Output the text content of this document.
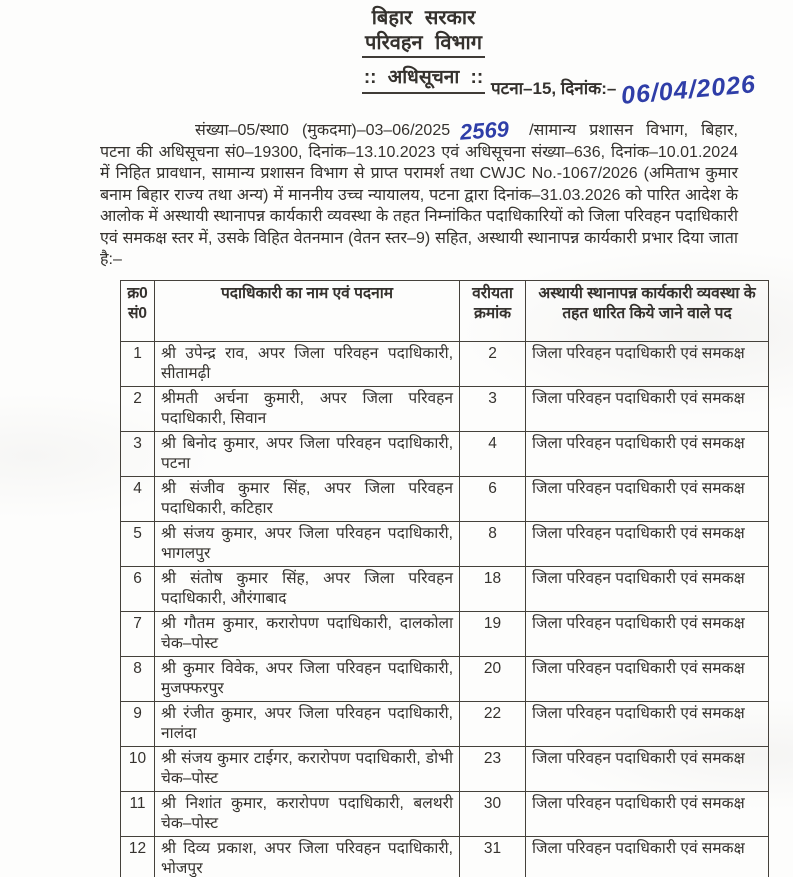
बिहार सरकार
परिवहन विभाग
:: अधिसूचना ::
पटना–15, दिनांक:– 06/04/2026

संख्या–05/स्था0 (मुकदमा)–03–06/2025 2569 /सामान्य प्रशासन विभाग, बिहार, पटना की अधिसूचना सं0–19300, दिनांक–13.10.2023 एवं अधिसूचना संख्या–636, दिनांक–10.01.2024 में निहित प्रावधान, सामान्य प्रशासन विभाग से प्राप्त परामर्श तथा CWJC No.-1067/2026 (अमिताभ कुमार बनाम बिहार राज्य तथा अन्य) में माननीय उच्च न्यायालय, पटना द्वारा दिनांक–31.03.2026 को पारित आदेश के आलोक में अस्थायी स्थानापन्न कार्यकारी व्यवस्था के तहत निम्नांकित पदाधिकारियों को जिला परिवहन पदाधिकारी एवं समकक्ष स्तर में, उसके विहित वेतनमान (वेतन स्तर–9) सहित, अस्थायी स्थानापन्न कार्यकारी प्रभार दिया जाता है:–

क्र0 सं0	पदाधिकारी का नाम एवं पदनाम	वरीयता क्रमांक	अस्थायी स्थानापन्न कार्यकारी व्यवस्था के तहत धारित किये जाने वाले पद
1	श्री उपेन्द्र राव, अपर जिला परिवहन पदाधिकारी, सीतामढ़ी	2	जिला परिवहन पदाधिकारी एवं समकक्ष
2	श्रीमती अर्चना कुमारी, अपर जिला परिवहन पदाधिकारी, सिवान	3	जिला परिवहन पदाधिकारी एवं समकक्ष
3	श्री बिनोद कुमार, अपर जिला परिवहन पदाधिकारी, पटना	4	जिला परिवहन पदाधिकारी एवं समकक्ष
4	श्री संजीव कुमार सिंह, अपर जिला परिवहन पदाधिकारी, कटिहार	6	जिला परिवहन पदाधिकारी एवं समकक्ष
5	श्री संजय कुमार, अपर जिला परिवहन पदाधिकारी, भागलपुर	8	जिला परिवहन पदाधिकारी एवं समकक्ष
6	श्री संतोष कुमार सिंह, अपर जिला परिवहन पदाधिकारी, औरंगाबाद	18	जिला परिवहन पदाधिकारी एवं समकक्ष
7	श्री गौतम कुमार, करारोपण पदाधिकारी, दालकोला चेक–पोस्ट	19	जिला परिवहन पदाधिकारी एवं समकक्ष
8	श्री कुमार विवेक, अपर जिला परिवहन पदाधिकारी, मुजफ्फरपुर	20	जिला परिवहन पदाधिकारी एवं समकक्ष
9	श्री रंजीत कुमार, अपर जिला परिवहन पदाधिकारी, नालंदा	22	जिला परिवहन पदाधिकारी एवं समकक्ष
10	श्री संजय कुमार टाईगर, करारोपण पदाधिकारी, डोभी चेक–पोस्ट	23	जिला परिवहन पदाधिकारी एवं समकक्ष
11	श्री निशांत कुमार, करारोपण पदाधिकारी, बलथरी चेक–पोस्ट	30	जिला परिवहन पदाधिकारी एवं समकक्ष
12	श्री दिव्य प्रकाश, अपर जिला परिवहन पदाधिकारी, भोजपुर	31	जिला परिवहन पदाधिकारी एवं समकक्ष
